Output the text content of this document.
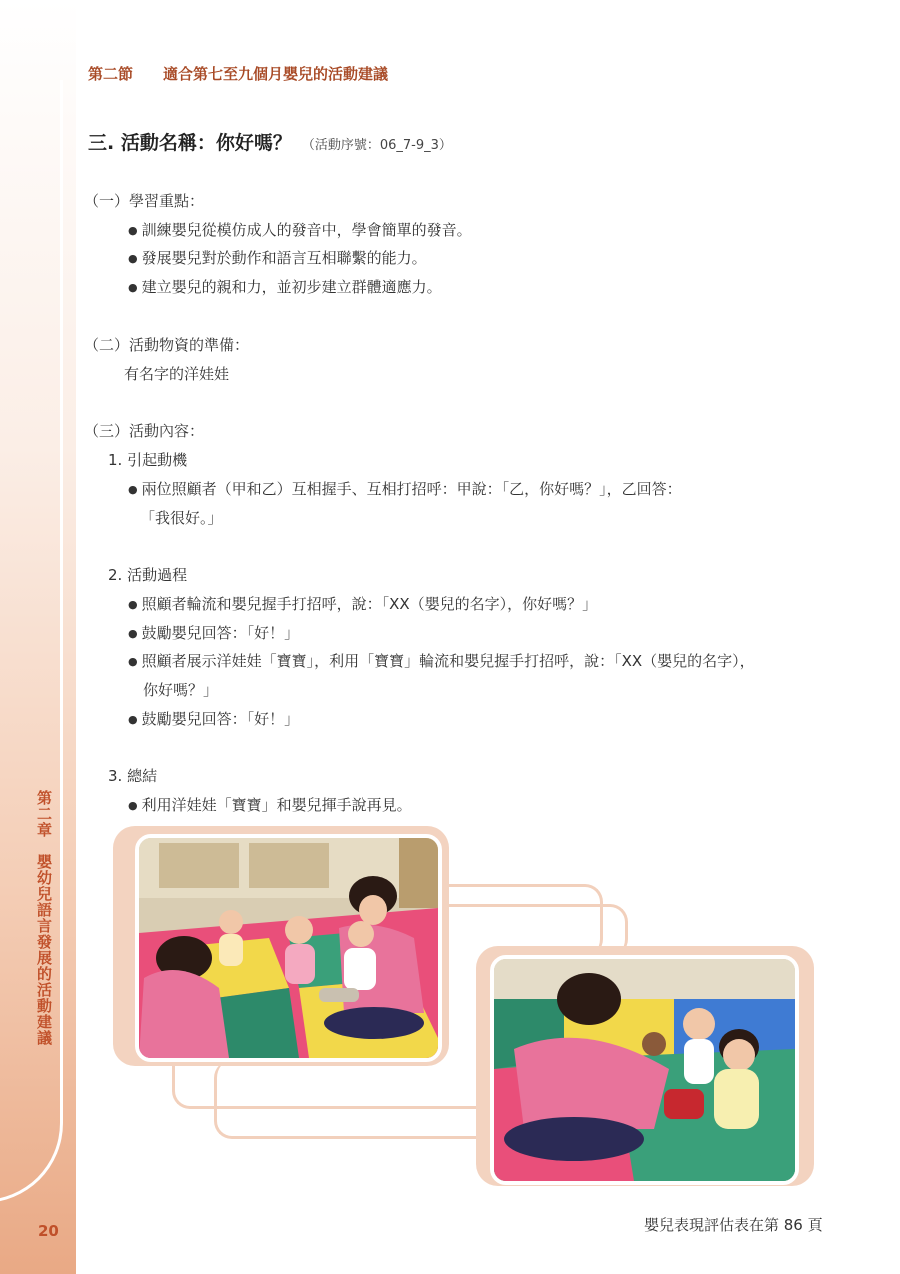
第二章　嬰幼兒語言發展的活動建議
20
第二節　　適合第七至九個月嬰兒的活動建議
三. 活動名稱：你好嗎？ （活動序號：06_7-9_3）
（一）學習重點：
● 訓練嬰兒從模仿成人的發音中，學會簡單的發音。
● 發展嬰兒對於動作和語言互相聯繫的能力。
● 建立嬰兒的親和力，並初步建立群體適應力。
（二）活動物資的準備：
有名字的洋娃娃
（三）活動內容：
1. 引起動機
● 兩位照顧者（甲和乙）互相握手、互相打招呼：甲說：「乙，你好嗎？」，乙回答：
「我很好。」
2. 活動過程
● 照顧者輪流和嬰兒握手打招呼，說：「XX（嬰兒的名字），你好嗎？」
● 鼓勵嬰兒回答：「好！」
● 照顧者展示洋娃娃「寶寶」，利用「寶寶」輪流和嬰兒握手打招呼，說：「XX（嬰兒的名字），
你好嗎？」
● 鼓勵嬰兒回答：「好！」
3. 總結
● 利用洋娃娃「寶寶」和嬰兒揮手說再見。
嬰兒表現評估表在第 86 頁
